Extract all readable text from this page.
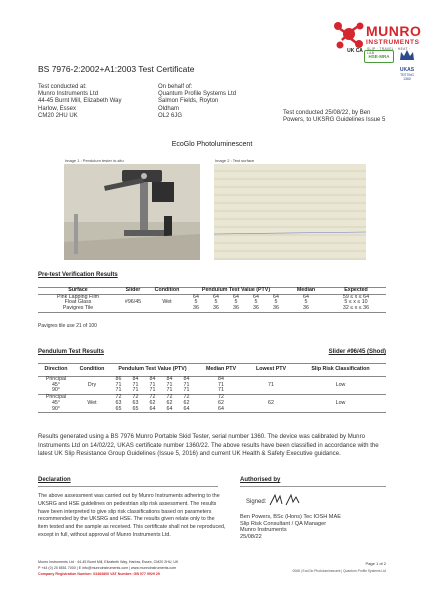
MUNRO
INSTRUMENTS
SLIP · TRAVEL · HEAT · LAB
UK CA
HSE·MRA
UKAS
TESTING
1360
BS 7976-2:2002+A1:2003 Test Certificate
Test conducted at:
Munro Instruments Ltd
44-45 Burnt Mill, Elizabeth Way
Harlow, Essex
CM20 2HU UK
On behalf of:
Quantum Profile Systems Ltd
Salmon Fields, Royton
Oldham
OL2 6JG	Test conducted 25/08/22, by Ben
Powers, to UKSRG Guidelines Issue 5
EcoGlo Photoluminescent
Image 1 : Pendulum tester in-situ	Image 2 : Test surface
Pre-test Verification Results
Surface	Slider	Condition	Pendulum Test Value (PTV)					Median	Expected
Pink Lapping Film	#96/45	Wet	64	64	64	64	64	64	59 ≤ x ≤ 64
Float Glass			5	5	5	5	5	5	5 ≤ x ≤ 10
Pavigres Tile			36	36	36	36	36	36	32 ≤ x ≤ 36
Pavigres tile use 21 of 100
Pendulum Test Results	Slider #96/45 (Shod)
Direction	Condition	Pendulum Test Value (PTV)					Median PTV	Lowest PTV	Slip Risk Classification
Principal	Dry	86	84	84	84	84	84	71	Low
45°		71	71	71	71	71	71		
90°		71	71	71	71	71	71		
Principal	Wet	72	72	72	72	72	72	62	Low
45°		63	63	62	62	62	62		
90°		65	65	64	64	64	64		
Results generated using a BS 7976 Munro Portable Skid Tester, serial number 1360. The device was calibrated by Munro Instruments Ltd on 14/02/22, UKAS certificate number 1360/22. The above results have been classified in accordance with the latest UK Slip Resistance Group Guidelines (Issue 5, 2016) and current UK Health & Safety Executive guidance.
Declaration
The above assessment was carried out by Munro Instruments adhering to the UKSRG and HSE guidelines on pedestrian slip risk assessment. The results have been interpreted to give slip risk classifications based on parameters recommended by the UKSRG and HSE. The results given relate only to the item tested and the sample as received. This certificate shall not be reproduced, except in full, without approval of Munro Instruments Ltd.
Authorised by
Signed:
Ben Powers, BSc (Hons) Tec IOSH MAE
Slip Risk Consultant / QA Manager
Munro Instruments
25/08/22
Munro Instruments Ltd · 44-45 Burnt Mill, Elizabeth Way, Harlow, Essex, CM20 2HU, UK
P +44 (0) 20 8551 7000 | E info@munroinstruments.com | www.munroinstruments.com
Company Registration Number: 03483800 VAT Number: GB 977 9929 29
Page 1 of 2
0068 | EcoGlo Photoluminescent | Quantum Profile Systems Ltd
